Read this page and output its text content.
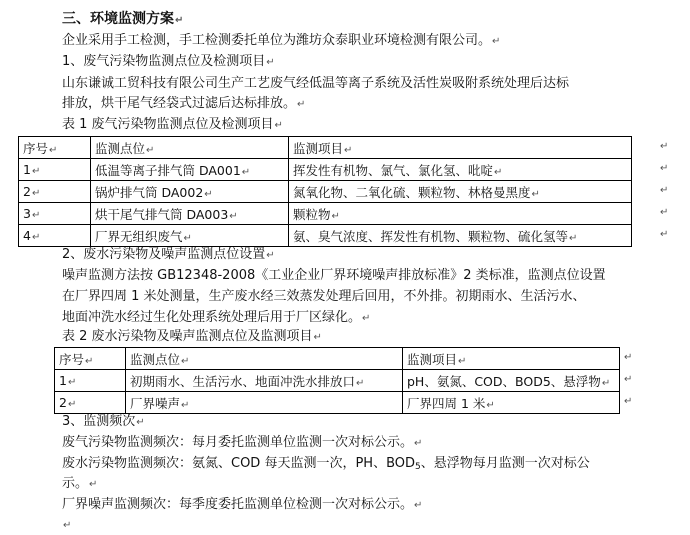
三、环境监测方案↵
企业采用手工检测，手工检测委托单位为潍坊众泰职业环境检测有限公司。↵
1、废气污染物监测点位及检测项目↵
山东谦诚工贸科技有限公司生产工艺废气经低温等离子系统及活性炭吸附系统处理后达标
排放，烘干尾气经袋式过滤后达标排放。↵
表 1 废气污染物监测点位及检测项目↵
序号↵	监测点位↵	监测项目↵
1↵	低温等离子排气筒 DA001↵	挥发性有机物、氯气、氯化氢、吡啶↵
2↵	锅炉排气筒 DA002↵	氮氧化物、二氧化硫、颗粒物、林格曼黑度↵
3↵	烘干尾气排气筒 DA003↵	颗粒物↵
4↵	厂界无组织废气↵	氨、臭气浓度、挥发性有机物、颗粒物、硫化氢等↵
↵
↵
↵
↵
↵
2、废水污染物及噪声监测点位设置↵
噪声监测方法按 GB12348-2008《工业企业厂界环境噪声排放标准》2 类标准，监测点位设置
在厂界四周 1 米处测量，生产废水经三效蒸发处理后回用，不外排。初期雨水、生活污水、
地面冲洗水经过生化处理系统处理后用于厂区绿化。↵
表 2 废水污染物及噪声监测点位及监测项目↵
序号↵	监测点位↵	监测项目↵
1↵	初期雨水、生活污水、地面冲洗水排放口↵	pH、氨氮、COD、BOD5、悬浮物↵
2↵	厂界噪声↵	厂界四周 1 米↵
↵
↵
↵
3、监测频次↵
废气污染物监测频次：每月委托监测单位监测一次对标公示。↵
废水污染物监测频次：氨氮、COD 每天监测一次，PH、$BOD_5$、悬浮物每月监测一次对标公
示。↵
厂界噪声监测频次：每季度委托监测单位检测一次对标公示。↵
↵
